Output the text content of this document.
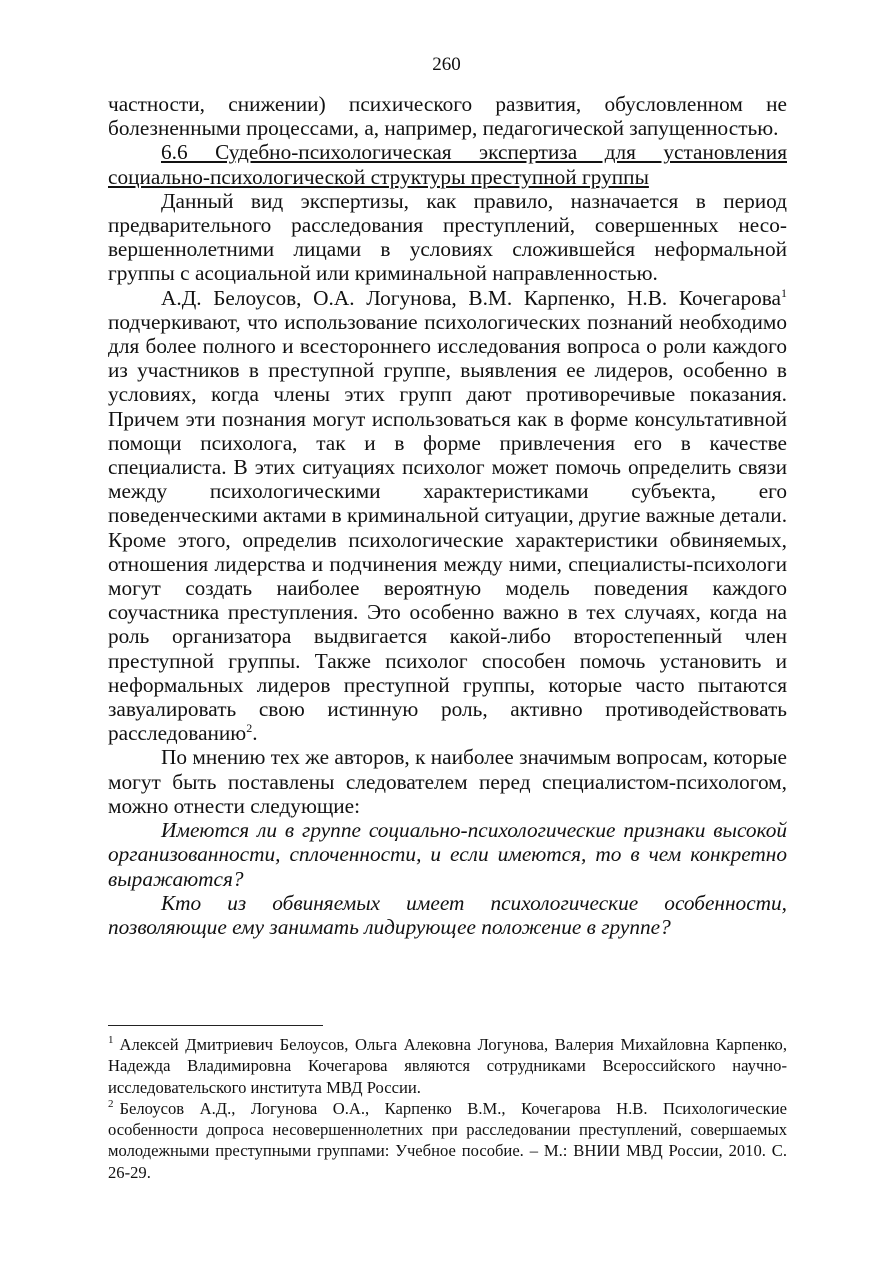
260

частности, снижении) психического развития, обусловленном не болезненными процессами, а, например, педагогической запущенностью.

6.6 Судебно-психологическая экспертиза для установления социально-психологической структуры преступной группы

Данный вид экспертизы, как правило, назначается в период предварительного расследования преступлений, совершенных несовершеннолетними лицами в условиях сложившейся неформальной группы с асоциальной или криминальной направленностью.

А.Д. Белоусов, О.А. Логунова, В.М. Карпенко, Н.В. Кочегарова$^1$ подчеркивают, что использование психологических познаний необходимо для более полного и всестороннего исследования вопроса о роли каждого из участников в преступной группе, выявления ее лидеров, особенно в условиях, когда члены этих групп дают противоречивые показания. Причем эти познания могут использоваться как в форме консультативной помощи психолога, так и в форме привлечения его в качестве специалиста. В этих ситуациях психолог может помочь определить связи между психологическими характеристиками субъекта, его поведенческими актами в криминальной ситуации, другие важные детали. Кроме этого, определив психологические характеристики обвиняемых, отношения лидерства и подчинения между ними, специалисты-психологи могут создать наиболее вероятную модель поведения каждого соучастника преступления. Это особенно важно в тех случаях, когда на роль организатора выдвигается какой-либо второстепенный член преступной группы. Также психолог способен помочь установить и неформальных лидеров преступной группы, которые часто пытаются завуалировать свою истинную роль, активно противодействовать расследованию$^2$.

По мнению тех же авторов, к наиболее значимым вопросам, которые могут быть поставлены следователем перед специалистом-психологом, можно отнести следующие:

Имеются ли в группе социально-психологические признаки высокой организованности, сплоченности, и если имеются, то в чем конкретно выражаются?

Кто из обвиняемых имеет психологические особенности, позволяющие ему занимать лидирующее положение в группе?

$^1$ Алексей Дмитриевич Белоусов, Ольга Алековна Логунова, Валерия Михайловна Карпенко, Надежда Владимировна Кочегарова являются сотрудниками Всероссийского научно-исследовательского института МВД России.

$^2$ Белоусов А.Д., Логунова О.А., Карпенко В.М., Кочегарова Н.В. Психологические особенности допроса несовершеннолетних при расследовании преступлений, совершаемых молодежными преступными группами: Учебное пособие. – М.: ВНИИ МВД России, 2010. С. 26-29.
